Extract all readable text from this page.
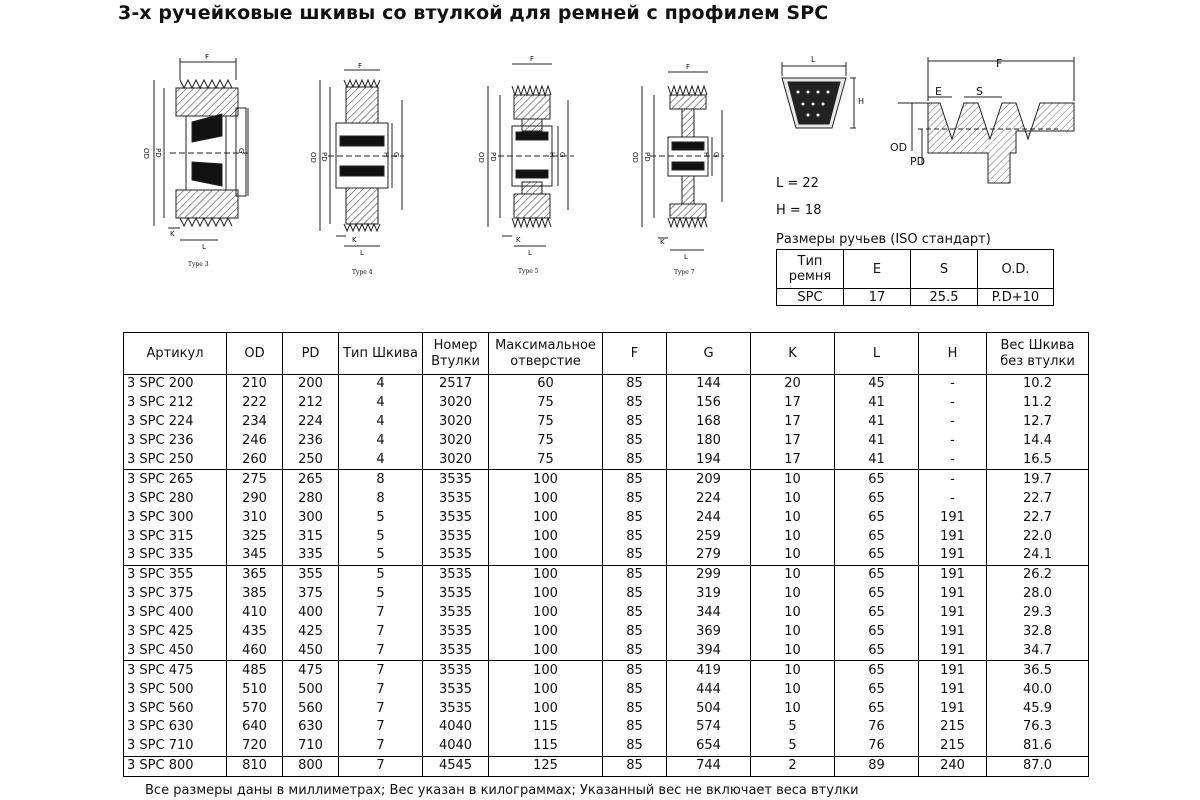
3-х ручейковые шкивы со втулкой для ремней с профилем SPC
F
OD PD	G
K
L
Type 3
F
OD PD	H G
K
L
Type 4
F
OD PD	H G
K
L
Type 5
F
OD PD	H G
K
L
Type 7
L
H
F
E	S
OD
PD
L = 22
H = 18
Размеры ручьев (ISO стандарт)
Тип ремня	E	S	O.D.
SPC	17	25.5	P.D+10
Артикул	OD	PD	Тип Шкива	Номер Втулки	Максимальное отверстие	F	G	K	L	H	Вес Шкива без втулки
3 SPC 200	210	200	4	2517	60	85	144	20	45	-	10.2
3 SPC 212	222	212	4	3020	75	85	156	17	41	-	11.2
3 SPC 224	234	224	4	3020	75	85	168	17	41	-	12.7
3 SPC 236	246	236	4	3020	75	85	180	17	41	-	14.4
3 SPC 250	260	250	4	3020	75	85	194	17	41	-	16.5
3 SPC 265	275	265	8	3535	100	85	209	10	65	-	19.7
3 SPC 280	290	280	8	3535	100	85	224	10	65	-	22.7
3 SPC 300	310	300	5	3535	100	85	244	10	65	191	22.7
3 SPC 315	325	315	5	3535	100	85	259	10	65	191	22.0
3 SPC 335	345	335	5	3535	100	85	279	10	65	191	24.1
3 SPC 355	365	355	5	3535	100	85	299	10	65	191	26.2
3 SPC 375	385	375	5	3535	100	85	319	10	65	191	28.0
3 SPC 400	410	400	7	3535	100	85	344	10	65	191	29.3
3 SPC 425	435	425	7	3535	100	85	369	10	65	191	32.8
3 SPC 450	460	450	7	3535	100	85	394	10	65	191	34.7
3 SPC 475	485	475	7	3535	100	85	419	10	65	191	36.5
3 SPC 500	510	500	7	3535	100	85	444	10	65	191	40.0
3 SPC 560	570	560	7	3535	100	85	504	10	65	191	45.9
3 SPC 630	640	630	7	4040	115	85	574	5	76	215	76.3
3 SPC 710	720	710	7	4040	115	85	654	5	76	215	81.6
3 SPC 800	810	800	7	4545	125	85	744	2	89	240	87.0
Все размеры даны в миллиметрах; Вес указан в килограммах; Указанный вес не включает веса втулки
